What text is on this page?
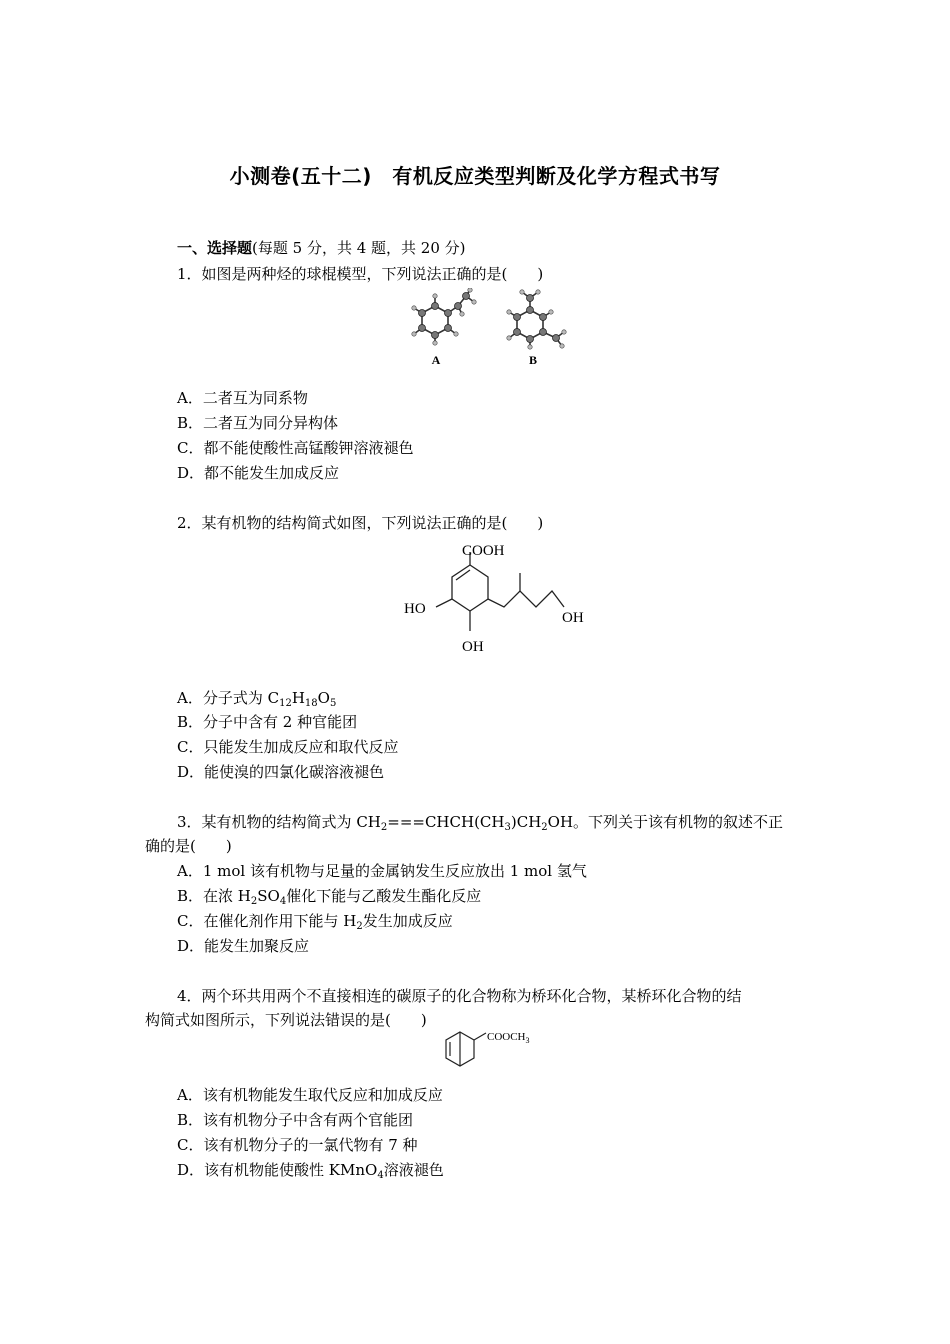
小测卷(五十二)　有机反应类型判断及化学方程式书写
一、选择题(每题 5 分，共 4 题，共 20 分)
1．如图是两种烃的球棍模型，下列说法正确的是(　　)
A	B
A．二者互为同系物
B．二者互为同分异构体
C．都不能使酸性高锰酸钾溶液褪色
D．都不能发生加成反应
2．某有机物的结构简式如图，下列说法正确的是(　　)
COOH
HO
OH
OH
A．分子式为 $C_{12}H_{18}O_5$
B．分子中含有 2 种官能团
C．只能发生加成反应和取代反应
D．能使溴的四氯化碳溶液褪色
3．某有机物的结构简式为 $CH_2===CHCH(CH_3)CH_2OH$。下列关于该有机物的叙述不正
确的是(　　)
A．1 mol 该有机物与足量的金属钠发生反应放出 1 mol 氢气
B．在浓 $H_2SO_4$催化下能与乙酸发生酯化反应
C．在催化剂作用下能与 $H_2$发生加成反应
D．能发生加聚反应
4．两个环共用两个不直接相连的碳原子的化合物称为桥环化合物，某桥环化合物的结
构简式如图所示，下列说法错误的是(　　)
$COOCH_3$
A．该有机物能发生取代反应和加成反应
B．该有机物分子中含有两个官能团
C．该有机物分子的一氯代物有 7 种
D．该有机物能使酸性 KMnO$_4$溶液褪色
